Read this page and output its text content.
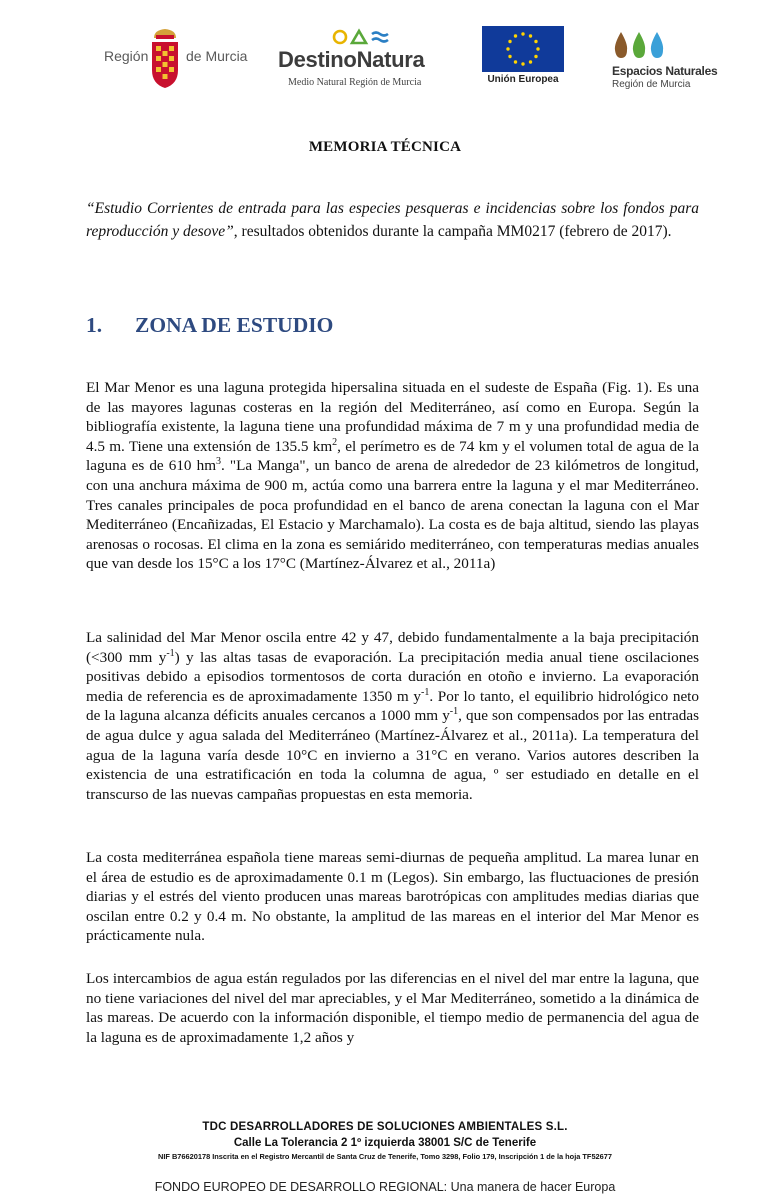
Región	de Murcia DestinoNatura
Medio Natural Región de Murcia	Unión Europea
Espacios Naturales
Región de Murcia
MEMORIA TÉCNICA

“Estudio Corrientes de entrada para las especies pesqueras e incidencias sobre los fondos para reproducción y desove”, resultados obtenidos durante la campaña MM0217 (febrero de 2017).

1. ZONA DE ESTUDIO

El Mar Menor es una laguna protegida hipersalina situada en el sudeste de España (Fig. 1). Es una de las mayores lagunas costeras en la región del Mediterráneo, así como en Europa. Según la bibliografía existente, la laguna tiene una profundidad máxima de 7 m y una profundidad media de 4.5 m. Tiene una extensión de 135.5 $km^2$, el perímetro es de 74 km y el volumen total de agua de la laguna es de 610 $hm^3$. "La Manga", un banco de arena de alrededor de 23 kilómetros de longitud, con una anchura máxima de 900 m, actúa como una barrera entre la laguna y el mar Mediterráneo. Tres canales principales de poca profundidad en el banco de arena conectan la laguna con el Mar Mediterráneo (Encañizadas, El Estacio y Marchamalo). La costa es de baja altitud, siendo las playas arenosas o rocosas. El clima en la zona es semiárido mediterráneo, con temperaturas medias anuales que van desde los 15°C a los 17°C (Martínez-Álvarez et al., 2011a)

La salinidad del Mar Menor oscila entre 42 y 47, debido fundamentalmente a la baja precipitación (<300 mm $y^{-1}$) y las altas tasas de evaporación. La precipitación media anual tiene oscilaciones positivas debido a episodios tormentosos de corta duración en otoño e invierno. La evaporación media de referencia es de aproximadamente 1350 m $y^{-1}$. Por lo tanto, el equilibrio hidrológico neto de la laguna alcanza déficits anuales cercanos a 1000 mm $y^{-1}$, que son compensados por las entradas de agua dulce y agua salada del Mediterráneo (Martínez-Álvarez et al., 2011a). La temperatura del agua de la laguna varía desde 10°C en invierno a 31°C en verano. Varios autores describen la existencia de una estratificación en toda la columna de agua, º ser estudiado en detalle en el transcurso de las nuevas campañas propuestas en esta memoria.

La costa mediterránea española tiene mareas semi-diurnas de pequeña amplitud. La marea lunar en el área de estudio es de aproximadamente 0.1 m (Legos). Sin embargo, las fluctuaciones de presión diarias y el estrés del viento producen unas mareas barotrópicas con amplitudes medias diarias que oscilan entre 0.2 y 0.4 m. No obstante, la amplitud de las mareas en el interior del Mar Menor es prácticamente nula.

Los intercambios de agua están regulados por las diferencias en el nivel del mar entre la laguna, que no tiene variaciones del nivel del mar apreciables, y el Mar Mediterráneo, sometido a la dinámica de las mareas. De acuerdo con la información disponible, el tiempo medio de permanencia del agua de la laguna es de aproximadamente 1,2 años y

TDC DESARROLLADORES DE SOLUCIONES AMBIENTALES S.L.
Calle La Tolerancia 2 1º izquierda 38001 S/C de Tenerife
NIF B76620178 Inscrita en el Registro Mercantil de Santa Cruz de Tenerife, Tomo 3298, Folio 179, Inscripción 1 de la hoja TF52677
FONDO EUROPEO DE DESARROLLO REGIONAL: Una manera de hacer Europa
